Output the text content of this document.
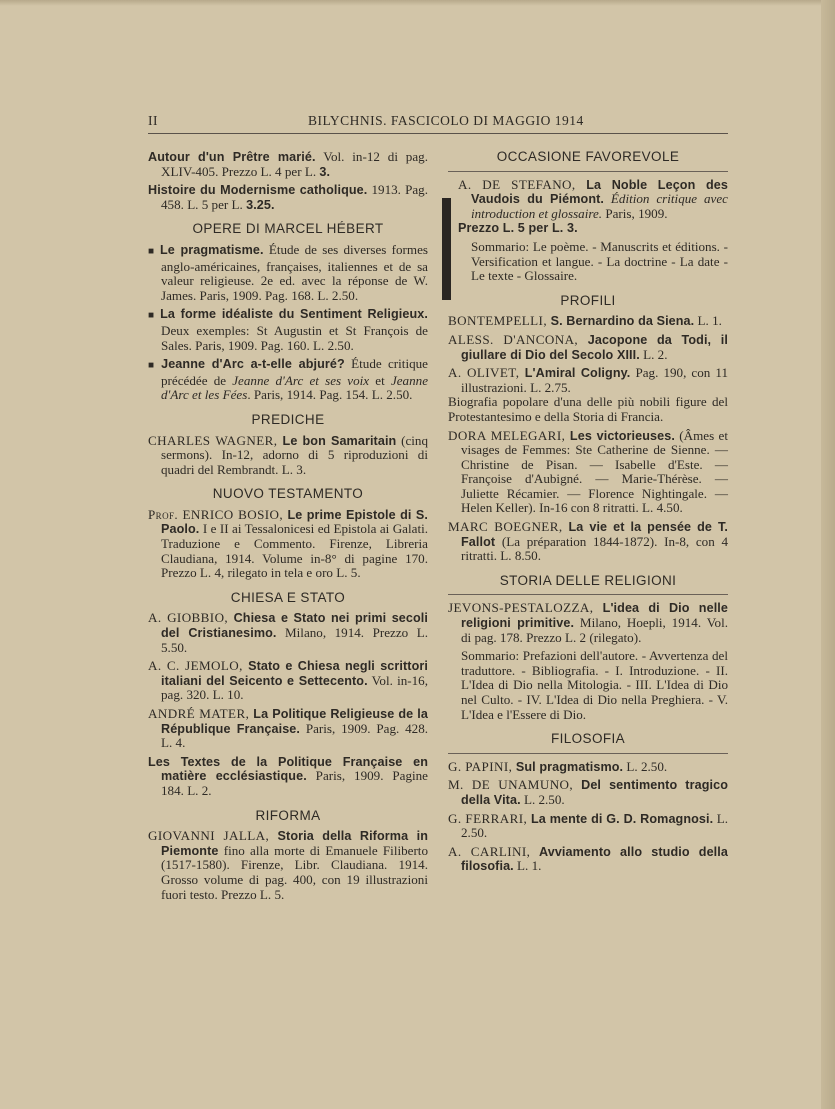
II	BILYCHNIS. FASCICOLO DI MAGGIO 1914

Autour d'un Prêtre marié. Vol. in-12 di pag. XLIV-405. Prezzo L. 4 per L. 3.

Histoire du Modernisme catholique. 1913. Pag. 458. L. 5 per L. 3.25.

OPERE DI MARCEL HÉBERT

■ Le pragmatisme. Étude de ses diverses formes anglo-américaines, françaises, italiennes et de sa valeur religieuse. 2e ed. avec la réponse de W. James. Paris, 1909. Pag. 168. L. 2.50.

■ La forme idéaliste du Sentiment Religieux. Deux exemples: St Augustin et St François de Sales. Paris, 1909. Pag. 160. L. 2.50.

■ Jeanne d'Arc a-t-elle abjuré? Étude critique précédée de Jeanne d'Arc et ses voix et Jeanne d'Arc et les Fées. Paris, 1914. Pag. 154. L. 2.50.

PREDICHE

CHARLES WAGNER, Le bon Samaritain (cinq sermons). In-12, adorno di 5 riproduzioni di quadri del Rembrandt. L. 3.

NUOVO TESTAMENTO

Prof. ENRICO BOSIO, Le prime Epistole di S. Paolo. I e II ai Tessalonicesi ed Epistola ai Galati. Traduzione e Commento. Firenze, Libreria Claudiana, 1914. Volume in-8° di pagine 170. Prezzo L. 4, rilegato in tela e oro L. 5.

CHIESA E STATO

A. GIOBBIO, Chiesa e Stato nei primi secoli del Cristianesimo. Milano, 1914. Prezzo L. 5.50.

A. C. JEMOLO, Stato e Chiesa negli scrittori italiani del Seicento e Settecento. Vol. in-16, pag. 320. L. 10.

ANDRÉ MATER, La Politique Religieuse de la République Française. Paris, 1909. Pag. 428. L. 4.

Les Textes de la Politique Française en matière ecclésiastique. Paris, 1909. Pagine 184. L. 2.

RIFORMA

GIOVANNI JALLA, Storia della Riforma in Piemonte fino alla morte di Emanuele Filiberto (1517-1580). Firenze, Libr. Claudiana. 1914. Grosso volume di pag. 400, con 19 illustrazioni fuori testo. Prezzo L. 5.

OCCASIONE FAVOREVOLE

A. DE STEFANO, La Noble Leçon des Vaudois du Piémont. Édition critique avec introduction et glossaire. Paris, 1909.

Prezzo L. 5 per L. 3.

Sommario: Le poème. - Manuscrits et éditions. - Versification et langue. - La doctrine - La date - Le texte - Glossaire.

PROFILI

BONTEMPELLI, S. Bernardino da Siena. L. 1.

ALESS. D'ANCONA, Jacopone da Todi, il giullare di Dio del Secolo XIII. L. 2.

A. OLIVET, L'Amiral Coligny. Pag. 190, con 11 illustrazioni. L. 2.75.

Biografia popolare d'una delle più nobili figure del Protestantesimo e della Storia di Francia.

DORA MELEGARI, Les victorieuses. (Âmes et visages de Femmes: Ste Catherine de Sienne. — Christine de Pisan. — Isabelle d'Este. — Françoise d'Aubigné. — Marie-Thérèse. — Juliette Récamier. — Florence Nightingale. — Helen Keller). In-16 con 8 ritratti. L. 4.50.

MARC BOEGNER, La vie et la pensée de T. Fallot (La préparation 1844-1872). In-8, con 4 ritratti. L. 8.50.

STORIA DELLE RELIGIONI

JEVONS-PESTALOZZA, L'idea di Dio nelle religioni primitive. Milano, Hoepli, 1914. Vol. di pag. 178. Prezzo L. 2 (rilegato).

Sommario: Prefazioni dell'autore. - Avvertenza del traduttore. - Bibliografia. - I. Introduzione. - II. L'Idea di Dio nella Mitologia. - III. L'Idea di Dio nel Culto. - IV. L'Idea di Dio nella Preghiera. - V. L'Idea e l'Essere di Dio.

FILOSOFIA

G. PAPINI, Sul pragmatismo. L. 2.50.

M. DE UNAMUNO, Del sentimento tragico della Vita. L. 2.50.

G. FERRARI, La mente di G. D. Romagnosi. L. 2.50.

A. CARLINI, Avviamento allo studio della filosofia. L. 1.
